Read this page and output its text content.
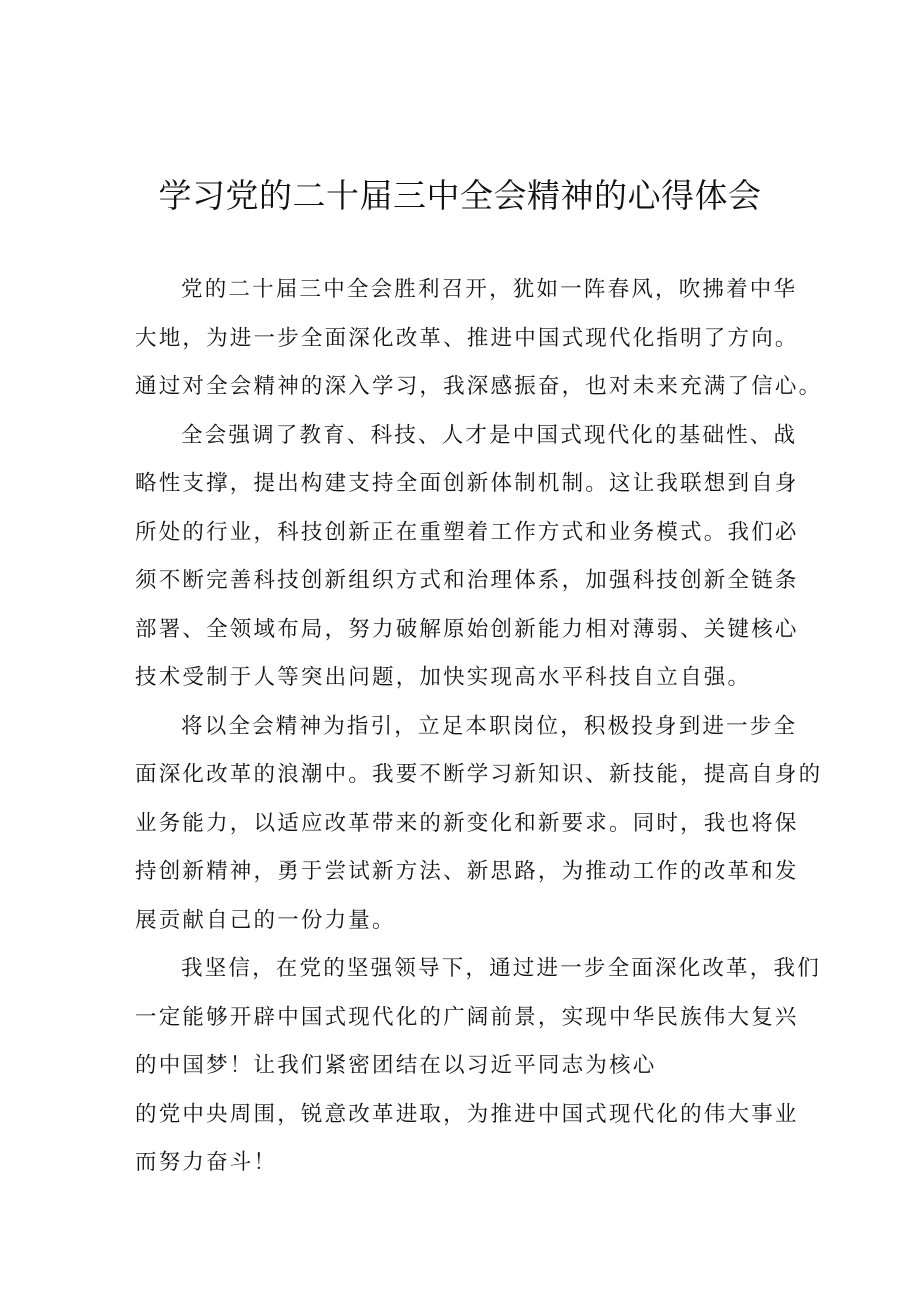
学习党的二十届三中全会精神的心得体会
党的二十届三中全会胜利召开，犹如一阵春风，吹拂着中华
大地，为进一步全面深化改革、推进中国式现代化指明了方向。
通过对全会精神的深入学习，我深感振奋，也对未来充满了信心。
全会强调了教育、科技、人才是中国式现代化的基础性、战
略性支撑，提出构建支持全面创新体制机制。这让我联想到自身
所处的行业，科技创新正在重塑着工作方式和业务模式。我们必
须不断完善科技创新组织方式和治理体系，加强科技创新全链条
部署、全领域布局，努力破解原始创新能力相对薄弱、关键核心
技术受制于人等突出问题，加快实现高水平科技自立自强。
将以全会精神为指引，立足本职岗位，积极投身到进一步全
面深化改革的浪潮中。我要不断学习新知识、新技能，提高自身的
业务能力，以适应改革带来的新变化和新要求。同时，我也将保
持创新精神，勇于尝试新方法、新思路，为推动工作的改革和发
展贡献自己的一份力量。
我坚信，在党的坚强领导下，通过进一步全面深化改革，我们
一定能够开辟中国式现代化的广阔前景，实现中华民族伟大复兴
的中国梦！让我们紧密团结在以习近平同志为核心
的党中央周围，锐意改革进取，为推进中国式现代化的伟大事业
而努力奋斗！
